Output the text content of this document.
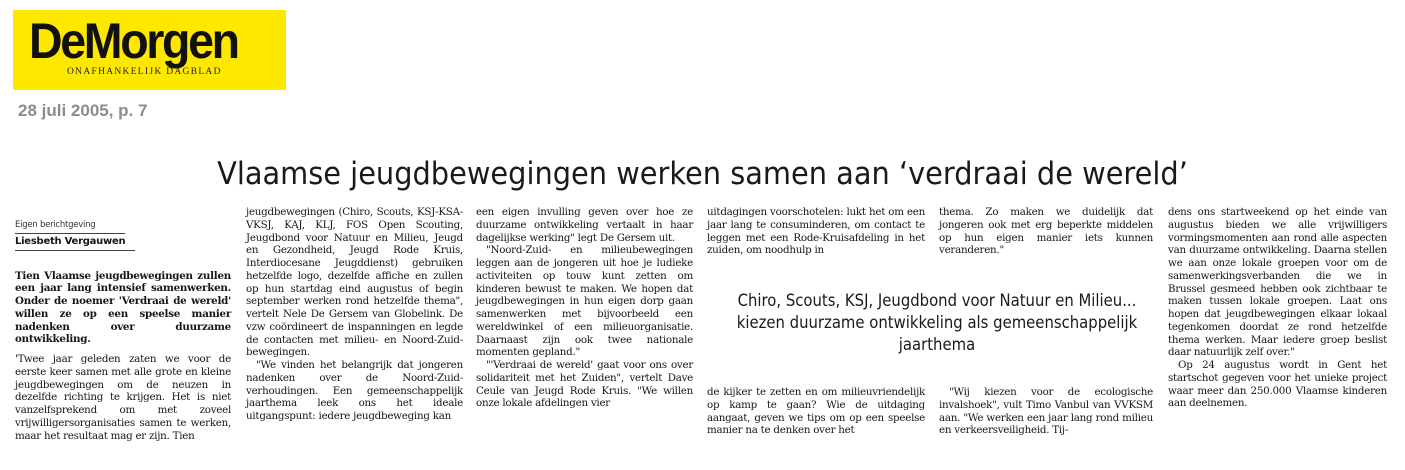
DeMorgen
ONAFHANKELIJK DAGBLAD
28 juli 2005, p. 7
Vlaamse jeugdbewegingen werken samen aan ‘verdraai de wereld’
Eigen berichtgeving
Liesbeth Vergauwen

Tien Vlaamse jeugdbewegingen zullen een jaar lang intensief samenwerken. Onder de noemer 'Verdraai de wereld' willen ze op een speelse manier nadenken over duurzame ontwikkeling.

'Twee jaar geleden zaten we voor de eerste keer samen met alle grote en kleine jeugdbewegingen om de neuzen in dezelfde richting te krijgen. Het is niet vanzelfsprekend om met zoveel vrijwilligersorganisaties samen te werken, maar het resultaat mag er zijn. Tien

jeugdbewegingen (Chiro, Scouts, KSJ-KSA-VKSJ, KAJ, KLJ, FOS Open Scouting, Jeugdbond voor Natuur en Milieu, Jeugd en Gezondheid, Jeugd Rode Kruis, Interdiocesane Jeugddienst) gebruiken hetzelfde logo, dezelfde affiche en zullen op hun startdag eind augustus of begin september werken rond hetzelfde thema", vertelt Nele De Gersem van Globelink. De vzw coördineert de inspanningen en legde de contacten met milieu- en Noord-Zuid-bewegingen.

"We vinden het belangrijk dat jongeren nadenken over de Noord-Zuid-verhoudingen. Een gemeenschappelijk jaarthema leek ons het ideale uitgangspunt: iedere jeugdbeweging kan

een eigen invulling geven over hoe ze duurzame ontwikkeling vertaalt in haar dagelijkse werking" legt De Gersem uit.

"Noord-Zuid- en milieubewegingen leggen aan de jongeren uit hoe je ludieke activiteiten op touw kunt zetten om kinderen bewust te maken. We hopen dat jeugdbewegingen in hun eigen dorp gaan samenwerken met bijvoorbeeld een wereldwinkel of een milieuorganisatie. Daarnaast zijn ook twee nationale momenten gepland."

"'Verdraai de wereld' gaat voor ons over solidariteit met het Zuiden", vertelt Dave Ceule van Jeugd Rode Kruis. "We willen onze lokale afdelingen vier

uitdagingen voorschotelen: lukt het om een jaar lang te consuminderen, om contact te leggen met een Rode-Kruisafdeling in het zuiden, om noodhulp in

thema. Zo maken we duidelijk dat jongeren ook met erg beperkte middelen op hun eigen manier iets kunnen veranderen."

Chiro, Scouts, KSJ, Jeugdbond voor Natuur en Milieu... kiezen duurzame ontwikkeling als gemeenschappelijk jaarthema

de kijker te zetten en om milieuvriendelijk op kamp te gaan? Wie de uitdaging aangaat, geven we tips om op een speelse manier na te denken over het

"Wij kiezen voor de ecologische invalshoek", vult Timo Vanbul van VVKSM aan. "We werken een jaar lang rond milieu en verkeersveiligheid. Tij-

dens ons startweekend op het einde van augustus bieden we alle vrijwilligers vormingsmomenten aan rond alle aspecten van duurzame ontwikkeling. Daarna stellen we aan onze lokale groepen voor om de samenwerkingsverbanden die we in Brussel gesmeed hebben ook zichtbaar te maken tussen lokale groepen. Laat ons hopen dat jeugdbewegingen elkaar lokaal tegenkomen doordat ze rond hetzelfde thema werken. Maar iedere groep beslist daar natuurlijk zelf over."

Op 24 augustus wordt in Gent het startschot gegeven voor het unieke project waar meer dan 250.000 Vlaamse kinderen aan deelnemen.
